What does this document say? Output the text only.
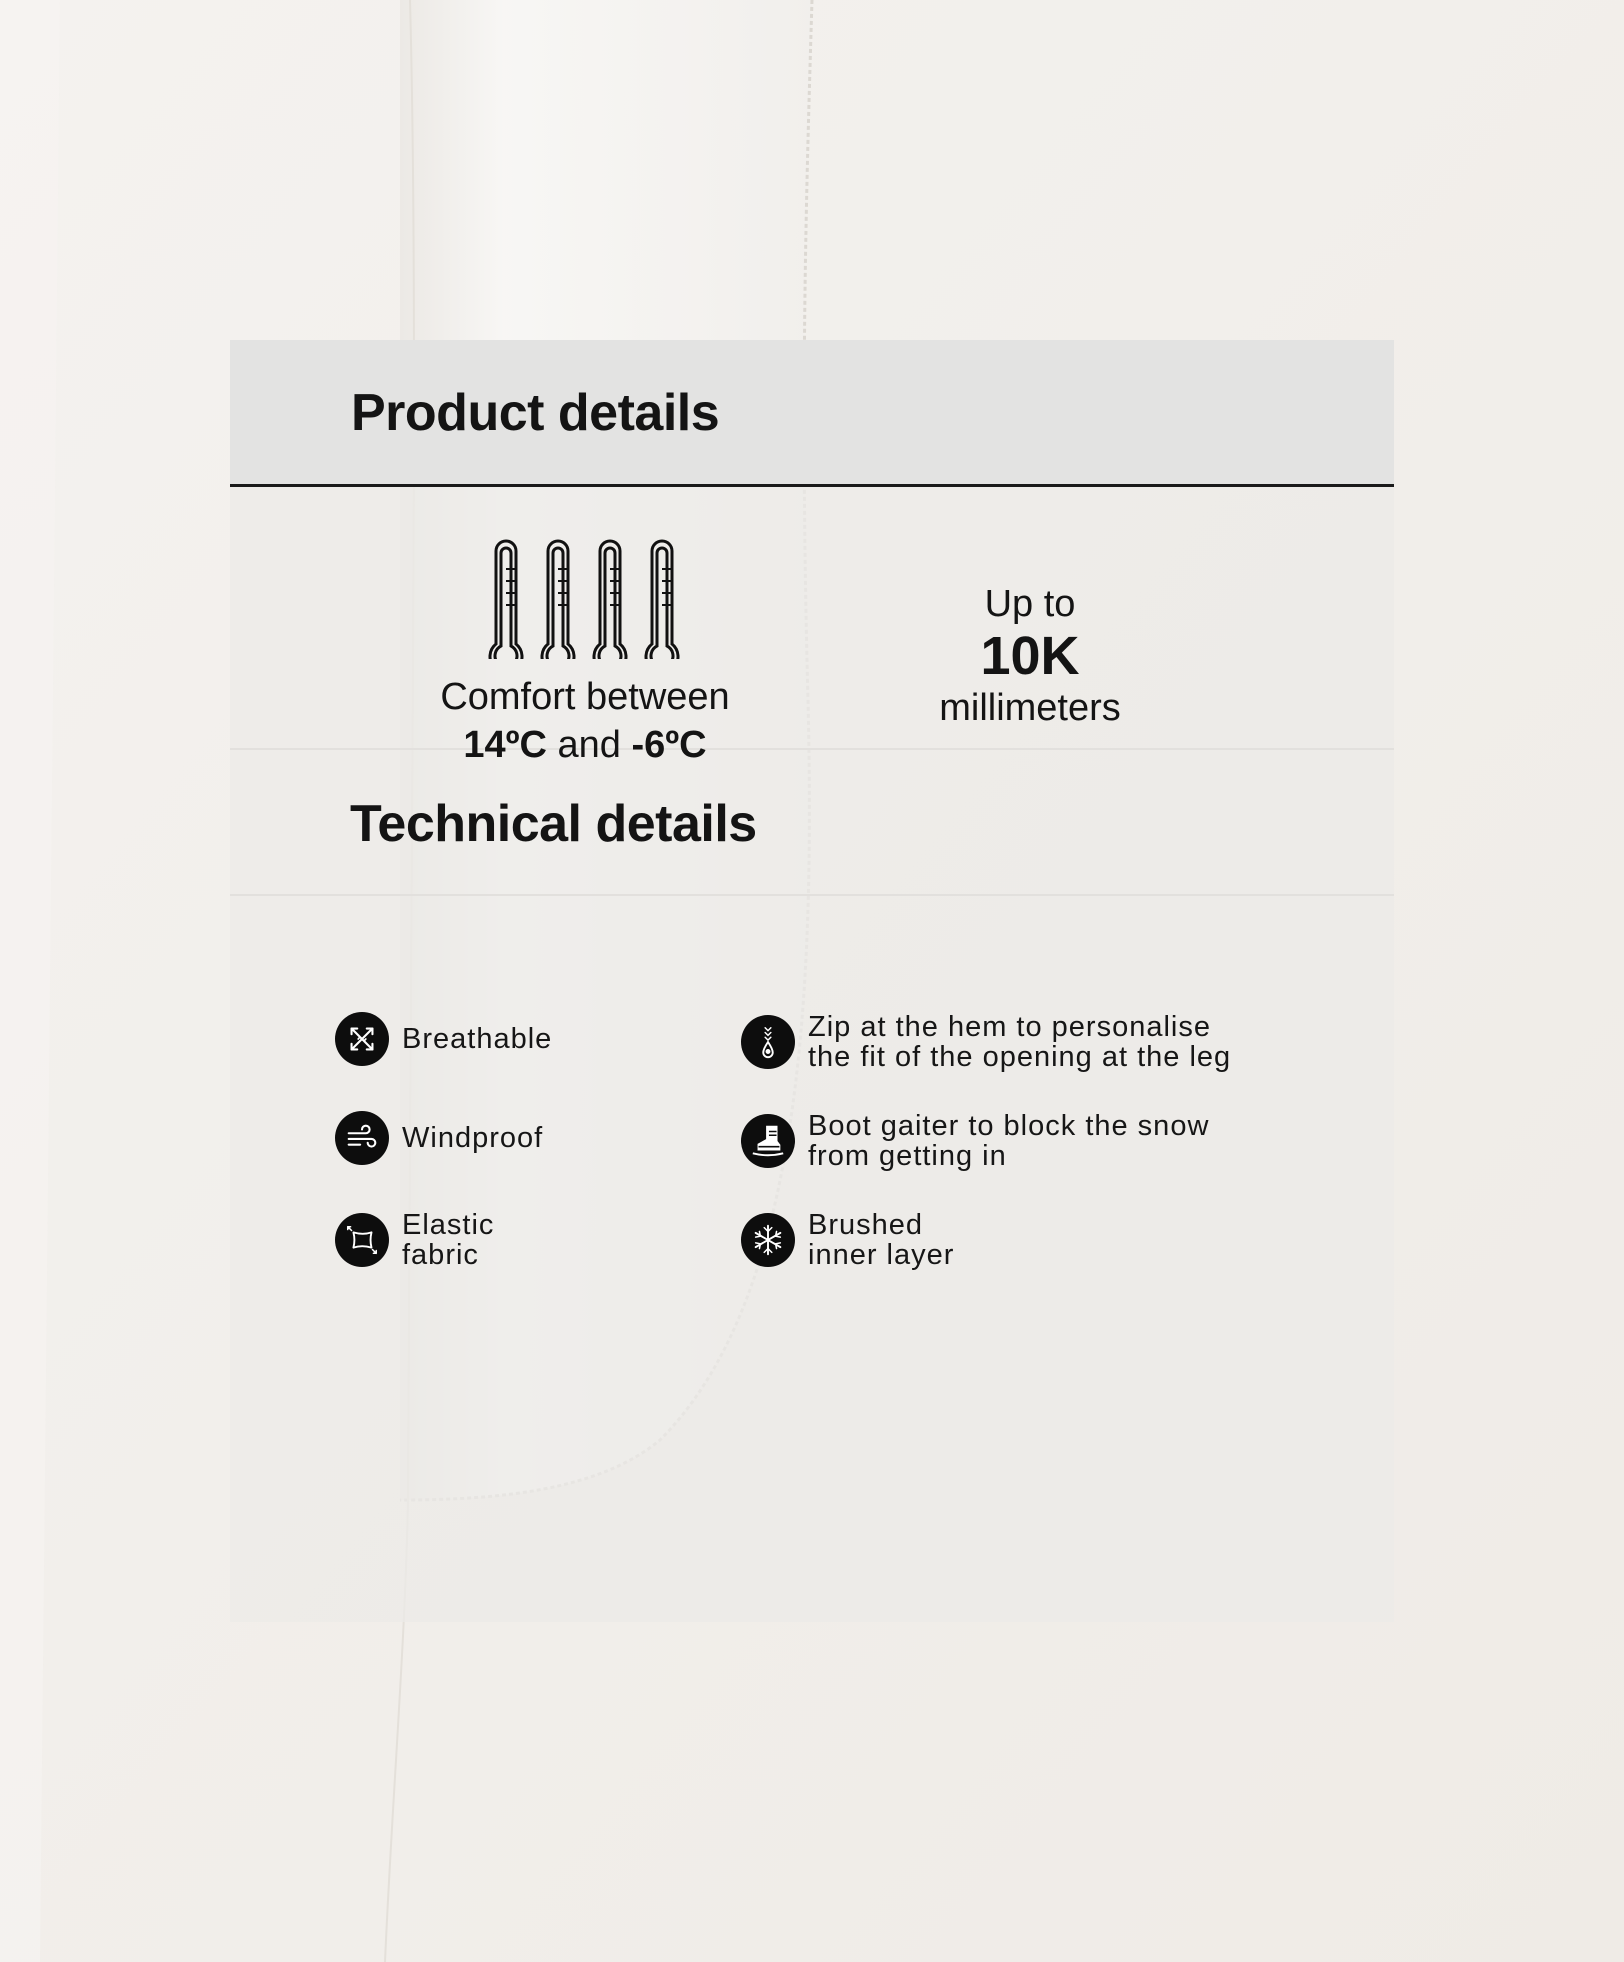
Product details
Comfort between
14ºC and -6ºC
Up to
10K
millimeters
Technical details
Breathable	Zip at the hem to personalise
the fit of the opening at the leg
Windproof	Boot gaiter to block the snow
from getting in
Elastic
fabric
Brushed
inner layer
